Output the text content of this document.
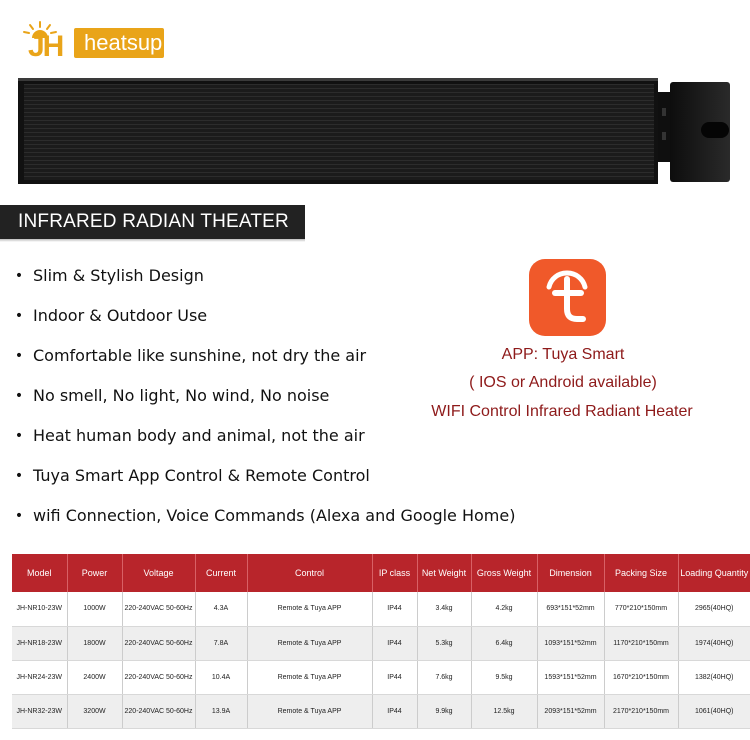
JH heatsup
INFRARED RADIAN THEATER
• Slim & Stylish Design
• Indoor & Outdoor Use
• Comfortable like sunshine, not dry the air
• No smell, No light, No wind, No noise
• Heat human body and animal, not the air
• Tuya Smart App Control & Remote Control
• wifi Connection, Voice Commands (Alexa and Google Home)
APP: Tuya Smart
( IOS or Android available)
WIFI Control Infrared Radiant Heater
Model	Power	Voltage	Current	Control	IP class	Net Weight	Gross Weight	Dimension	Packing Size	Loading Quantity
JH-NR10-23W	1000W	220-240VAC 50-60Hz	4.3A	Remote & Tuya APP	IP44	3.4kg	4.2kg	693*151*52mm	770*210*150mm	2965(40HQ)
JH-NR18-23W	1800W	220-240VAC 50-60Hz	7.8A	Remote & Tuya APP	IP44	5.3kg	6.4kg	1093*151*52mm	1170*210*150mm	1974(40HQ)
JH-NR24-23W	2400W	220-240VAC 50-60Hz	10.4A	Remote & Tuya APP	IP44	7.6kg	9.5kg	1593*151*52mm	1670*210*150mm	1382(40HQ)
JH-NR32-23W	3200W	220-240VAC 50-60Hz	13.9A	Remote & Tuya APP	IP44	9.9kg	12.5kg	2093*151*52mm	2170*210*150mm	1061(40HQ)
